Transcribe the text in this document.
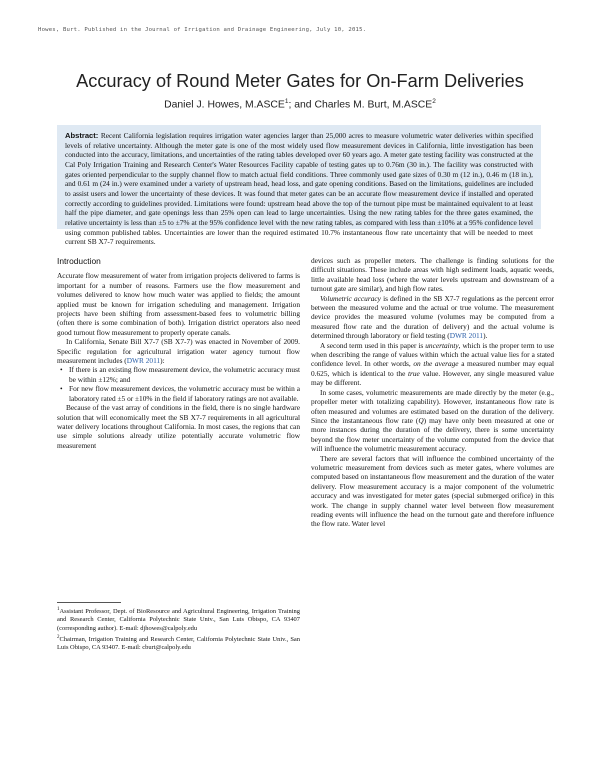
Howes, Burt. Published in the Journal of Irrigation and Drainage Engineering, July 10, 2015.
Accuracy of Round Meter Gates for On-Farm Deliveries
Daniel J. Howes, M.ASCE$^1$; and Charles M. Burt, M.ASCE$^2$
Abstract: Recent California legislation requires irrigation water agencies larger than 25,000 acres to measure volumetric water deliveries within specified levels of relative uncertainty. Although the meter gate is one of the most widely used flow measurement devices in California, little investigation has been conducted into the accuracy, limitations, and uncertainties of the rating tables developed over 60 years ago. A meter gate testing facility was constructed at the Cal Poly Irrigation Training and Research Center's Water Resources Facility capable of testing gates up to 0.76m (30 in.). The facility was constructed with gates oriented perpendicular to the supply channel flow to match actual field conditions. Three commonly used gate sizes of 0.30 m (12 in.), 0.46 m (18 in.), and 0.61 m (24 in.) were examined under a variety of upstream head, head loss, and gate opening conditions. Based on the limitations, guidelines are included to assist users and lower the uncertainty of these devices. It was found that meter gates can be an accurate flow measurement device if installed and operated correctly according to guidelines provided. Limitations were found: upstream head above the top of the turnout pipe must be maintained equivalent to at least half the pipe diameter, and gate openings less than 25% open can lead to large uncertainties. Using the new rating tables for the three gates examined, the relative uncertainty is less than ±5 to ±7% at the 95% confidence level with the new rating tables, as compared with less than ±10% at a 95% confidence level using common published tables. Uncertainties are lower than the required estimated 10.7% instantaneous flow rate uncertainty that will be needed to meet current SB X7-7 requirements.
Introduction

Accurate flow measurement of water from irrigation projects delivered to farms is important for a number of reasons. Farmers use the flow measurement and volumes delivered to know how much water was applied to fields; the amount applied must be known for irrigation scheduling and management. Irrigation projects have been shifting from assessment-based fees to volumetric billing (often there is some combination of both). Irrigation district operators also need good turnout flow measurement to properly operate canals.

In California, Senate Bill X7-7 (SB X7-7) was enacted in November of 2009. Specific regulation for agricultural irrigation water agency turnout flow measurement includes (DWR 2011):

• If there is an existing flow measurement device, the volumetric accuracy must be within ±12%; and
• For new flow measurement devices, the volumetric accuracy must be within a laboratory rated ±5 or ±10% in the field if laboratory ratings are not available.

Because of the vast array of conditions in the field, there is no single hardware solution that will economically meet the SB X7-7 requirements in all agricultural water delivery locations throughout California. In most cases, the regions that can use simple solutions already utilize potentially accurate volumetric flow measurement

$^1$Assistant Professor, Dept. of BioResource and Agricultural Engineering, Irrigation Training and Research Center, California Polytechnic State Univ., San Luis Obispo, CA 93407 (corresponding author). E-mail: djhowes@calpoly.edu

$^2$Chairman, Irrigation Training and Research Center, California Polytechnic State Univ., San Luis Obispo, CA 93407. E-mail: cburt@calpoly.edu

devices such as propeller meters. The challenge is finding solutions for the difficult situations. These include areas with high sediment loads, aquatic weeds, little available head loss (where the water levels upstream and downstream of a turnout gate are similar), and high flow rates.

Volumetric accuracy is defined in the SB X7-7 regulations as the percent error between the measured volume and the actual or true volume. The measurement device provides the measured volume (volumes may be computed from a measured flow rate and the duration of delivery) and the actual volume is determined through laboratory or field testing (DWR 2011).

A second term used in this paper is uncertainty, which is the proper term to use when describing the range of values within which the actual value lies for a stated confidence level. In other words, on the average a measured number may equal 0.625, which is identical to the true value. However, any single measured value may be different.

In some cases, volumetric measurements are made directly by the meter (e.g., propeller meter with totalizing capability). However, instantaneous flow rate is often measured and volumes are estimated based on the duration of the delivery. Since the instantaneous flow rate (Q) may have only been measured at one or more instances during the duration of the delivery, there is some uncertainty beyond the flow meter uncertainty of the volume computed from the device that will influence the volumetric measurement accuracy.

There are several factors that will influence the combined uncertainty of the volumetric measurement from devices such as meter gates, where volumes are computed based on instantaneous flow measurement and the duration of the water delivery. Flow measurement accuracy is a major component of the volumetric accuracy and was investigated for meter gates (special submerged orifice) in this work. The change in supply channel water level between flow measurement reading events will influence the head on the turnout gate and therefore influence the flow rate. Water level
